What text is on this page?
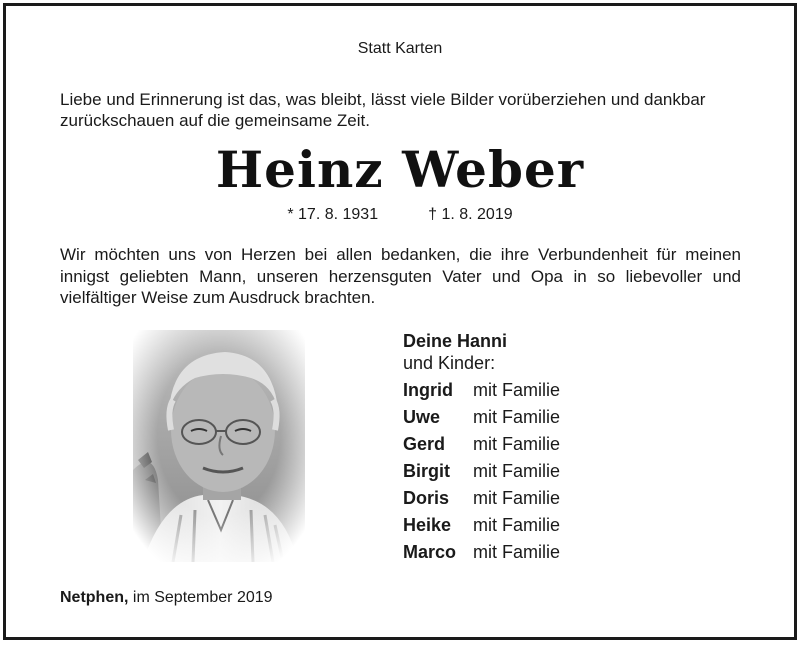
Statt Karten
Liebe und Erinnerung ist das, was bleibt, lässt viele Bilder vorüberziehen und dankbar zurückschauen auf die gemeinsame Zeit.
Heinz Weber
* 17. 8. 1931	† 1. 8. 2019
Wir möchten uns von Herzen bei allen bedanken, die ihre Verbundenheit für meinen innigst geliebten Mann, unseren herzensguten Vater und Opa in so liebevoller und vielfältiger Weise zum Ausdruck brachten.
Deine Hanni
und Kinder:
Ingrid mit Familie
Uwe mit Familie
Gerd mit Familie
Birgit mit Familie
Doris mit Familie
Heike mit Familie
Marco mit Familie
Netphen, im September 2019
